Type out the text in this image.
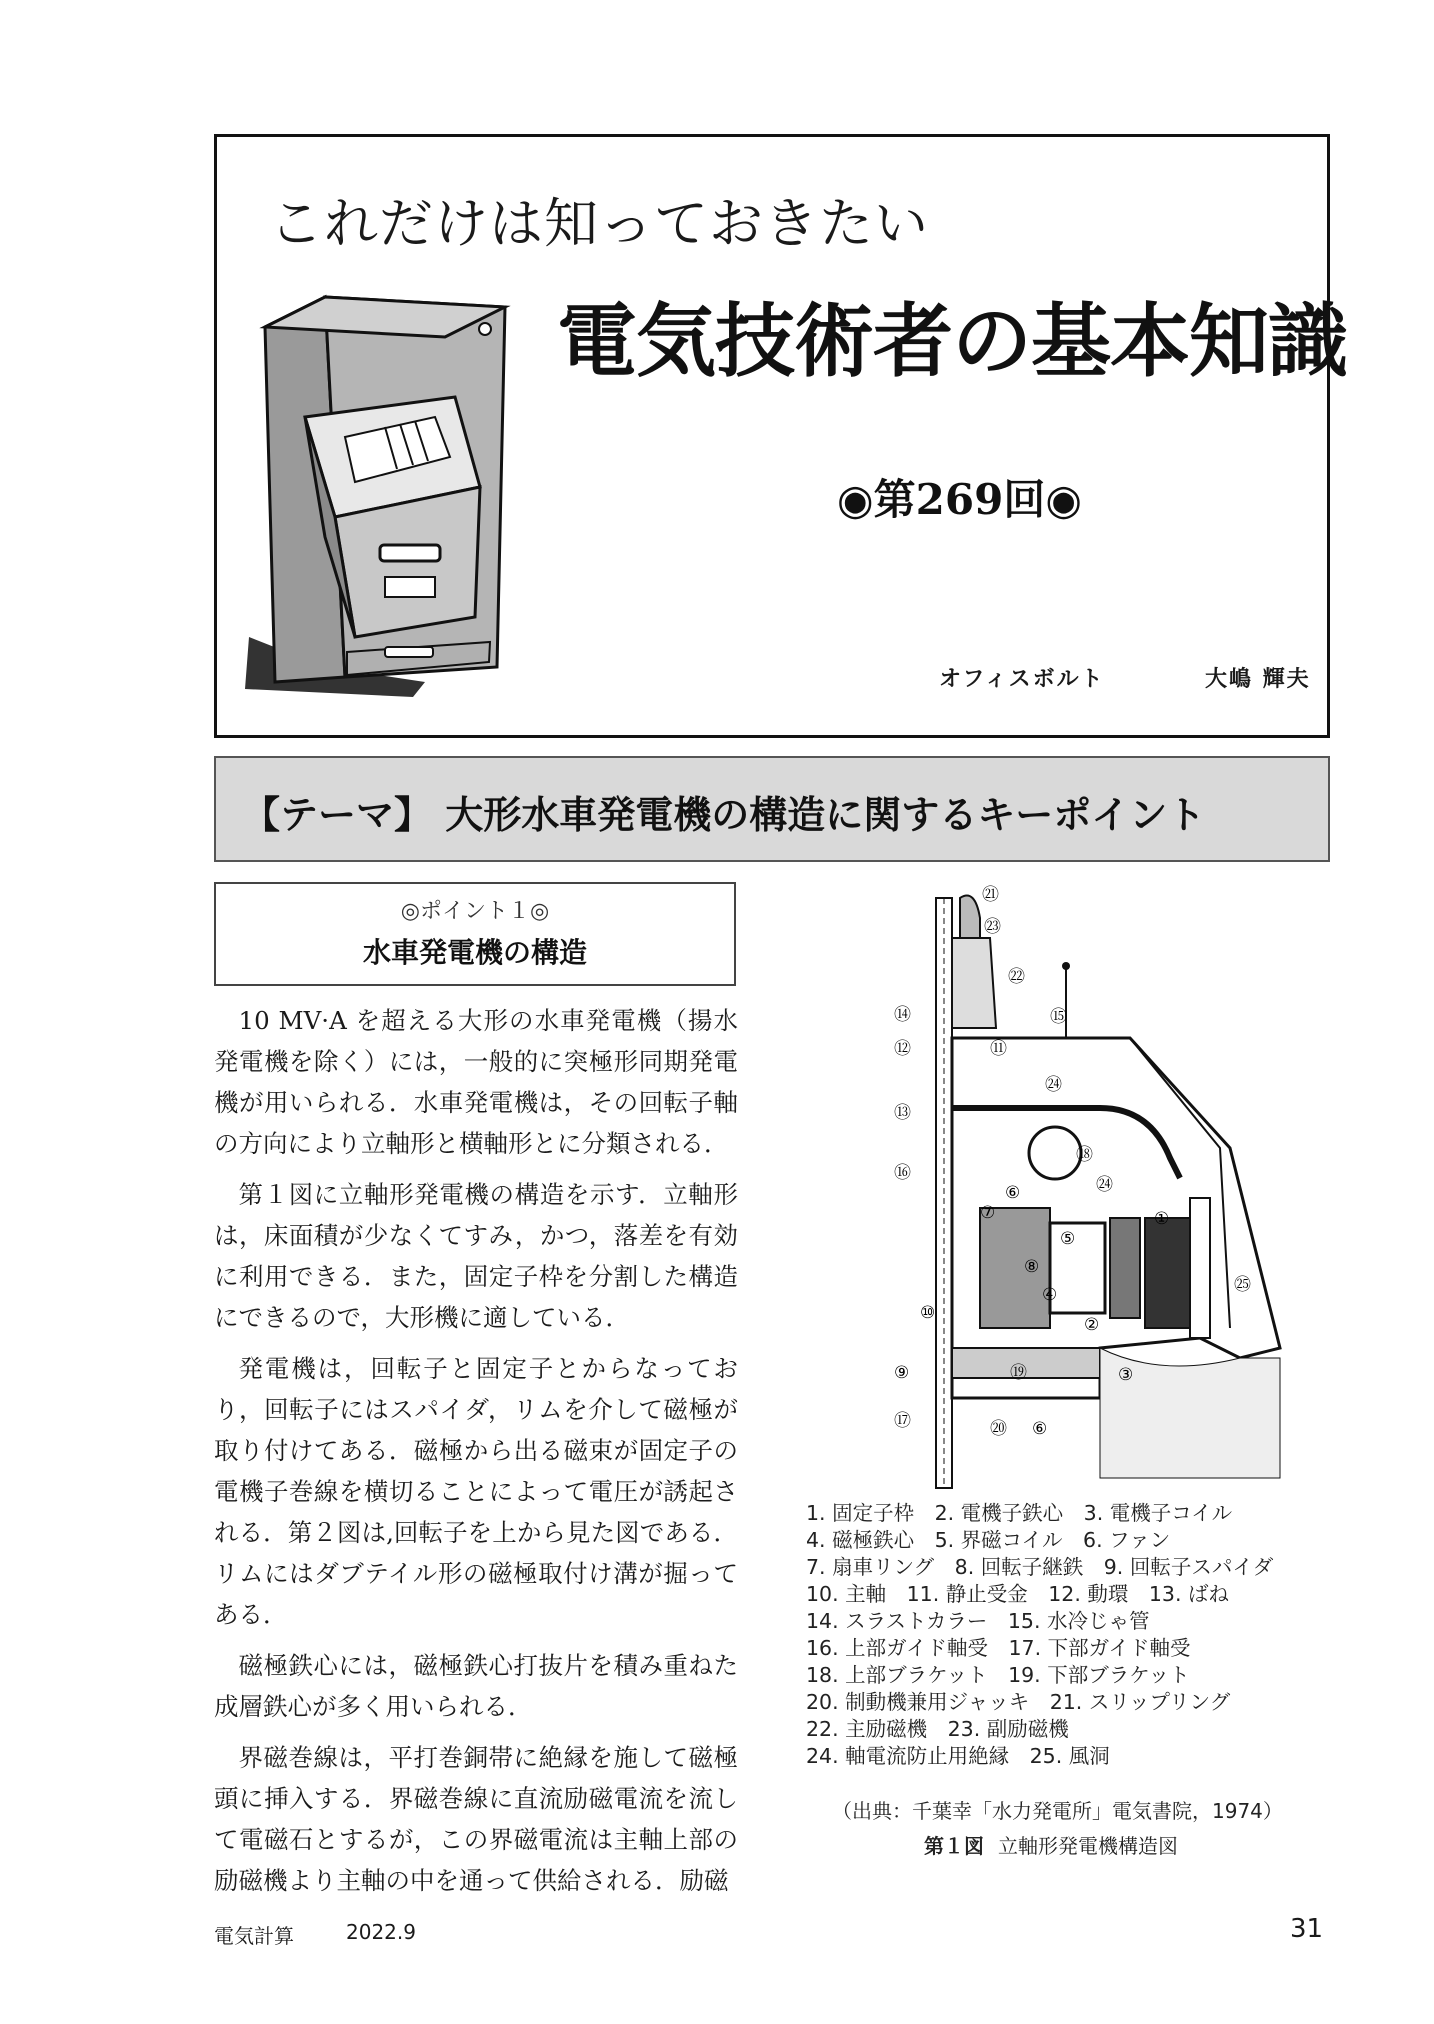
これだけは知っておきたい
電気技術者の基本知識
◉第269回◉
オフィスボルト	大嶋 輝夫
【テーマ】 大形水車発電機の構造に関するキーポイント
◎ポイント１◎
水車発電機の構造

10 MV·A を超える大形の水車発電機（揚水発電機を除く）には，一般的に突極形同期発電機が用いられる．水車発電機は，その回転子軸の方向により立軸形と横軸形とに分類される．

第１図に立軸形発電機の構造を示す．立軸形は，床面積が少なくてすみ，かつ，落差を有効に利用できる．また，固定子枠を分割した構造にできるので，大形機に適している．

発電機は，回転子と固定子とからなっており，回転子にはスパイダ，リムを介して磁極が取り付けてある．磁極から出る磁束が固定子の電機子巻線を横切ることによって電圧が誘起される．第２図は,回転子を上から見た図である．リムにはダブテイル形の磁極取付け溝が掘ってある．

磁極鉄心には，磁極鉄心打抜片を積み重ねた成層鉄心が多く用いられる．

界磁巻線は，平打巻銅帯に絶縁を施して磁極頭に挿入する．界磁巻線に直流励磁電流を流して電磁石とするが，この界磁電流は主軸上部の励磁機より主軸の中を通って供給される．励磁

㉑
㉓
㉒
⑮
⑭
⑫	⑪
㉔
⑬
⑯
⑱
㉔
⑥
⑦	①
⑤
⑧
㉕
④
②
⑩
⑨	③
⑲
⑰	⑳ ⑥
1. 固定子枠　2. 電機子鉄心　3. 電機子コイル
4. 磁極鉄心　5. 界磁コイル　6. ファン
7. 扇車リング　8. 回転子継鉄　9. 回転子スパイダ
10. 主軸　11. 静止受金　12. 動環　13. ばね
14. スラストカラー　15. 水冷じゃ管
16. 上部ガイド軸受　17. 下部ガイド軸受
18. 上部ブラケット　19. 下部ブラケット
20. 制動機兼用ジャッキ　21. スリップリング
22. 主励磁機　23. 副励磁機
24. 軸電流防止用絶縁　25. 風洞
（出典：千葉幸「水力発電所」電気書院，1974）
第１図 立軸形発電機構造図
電気計算	2022.9	31
